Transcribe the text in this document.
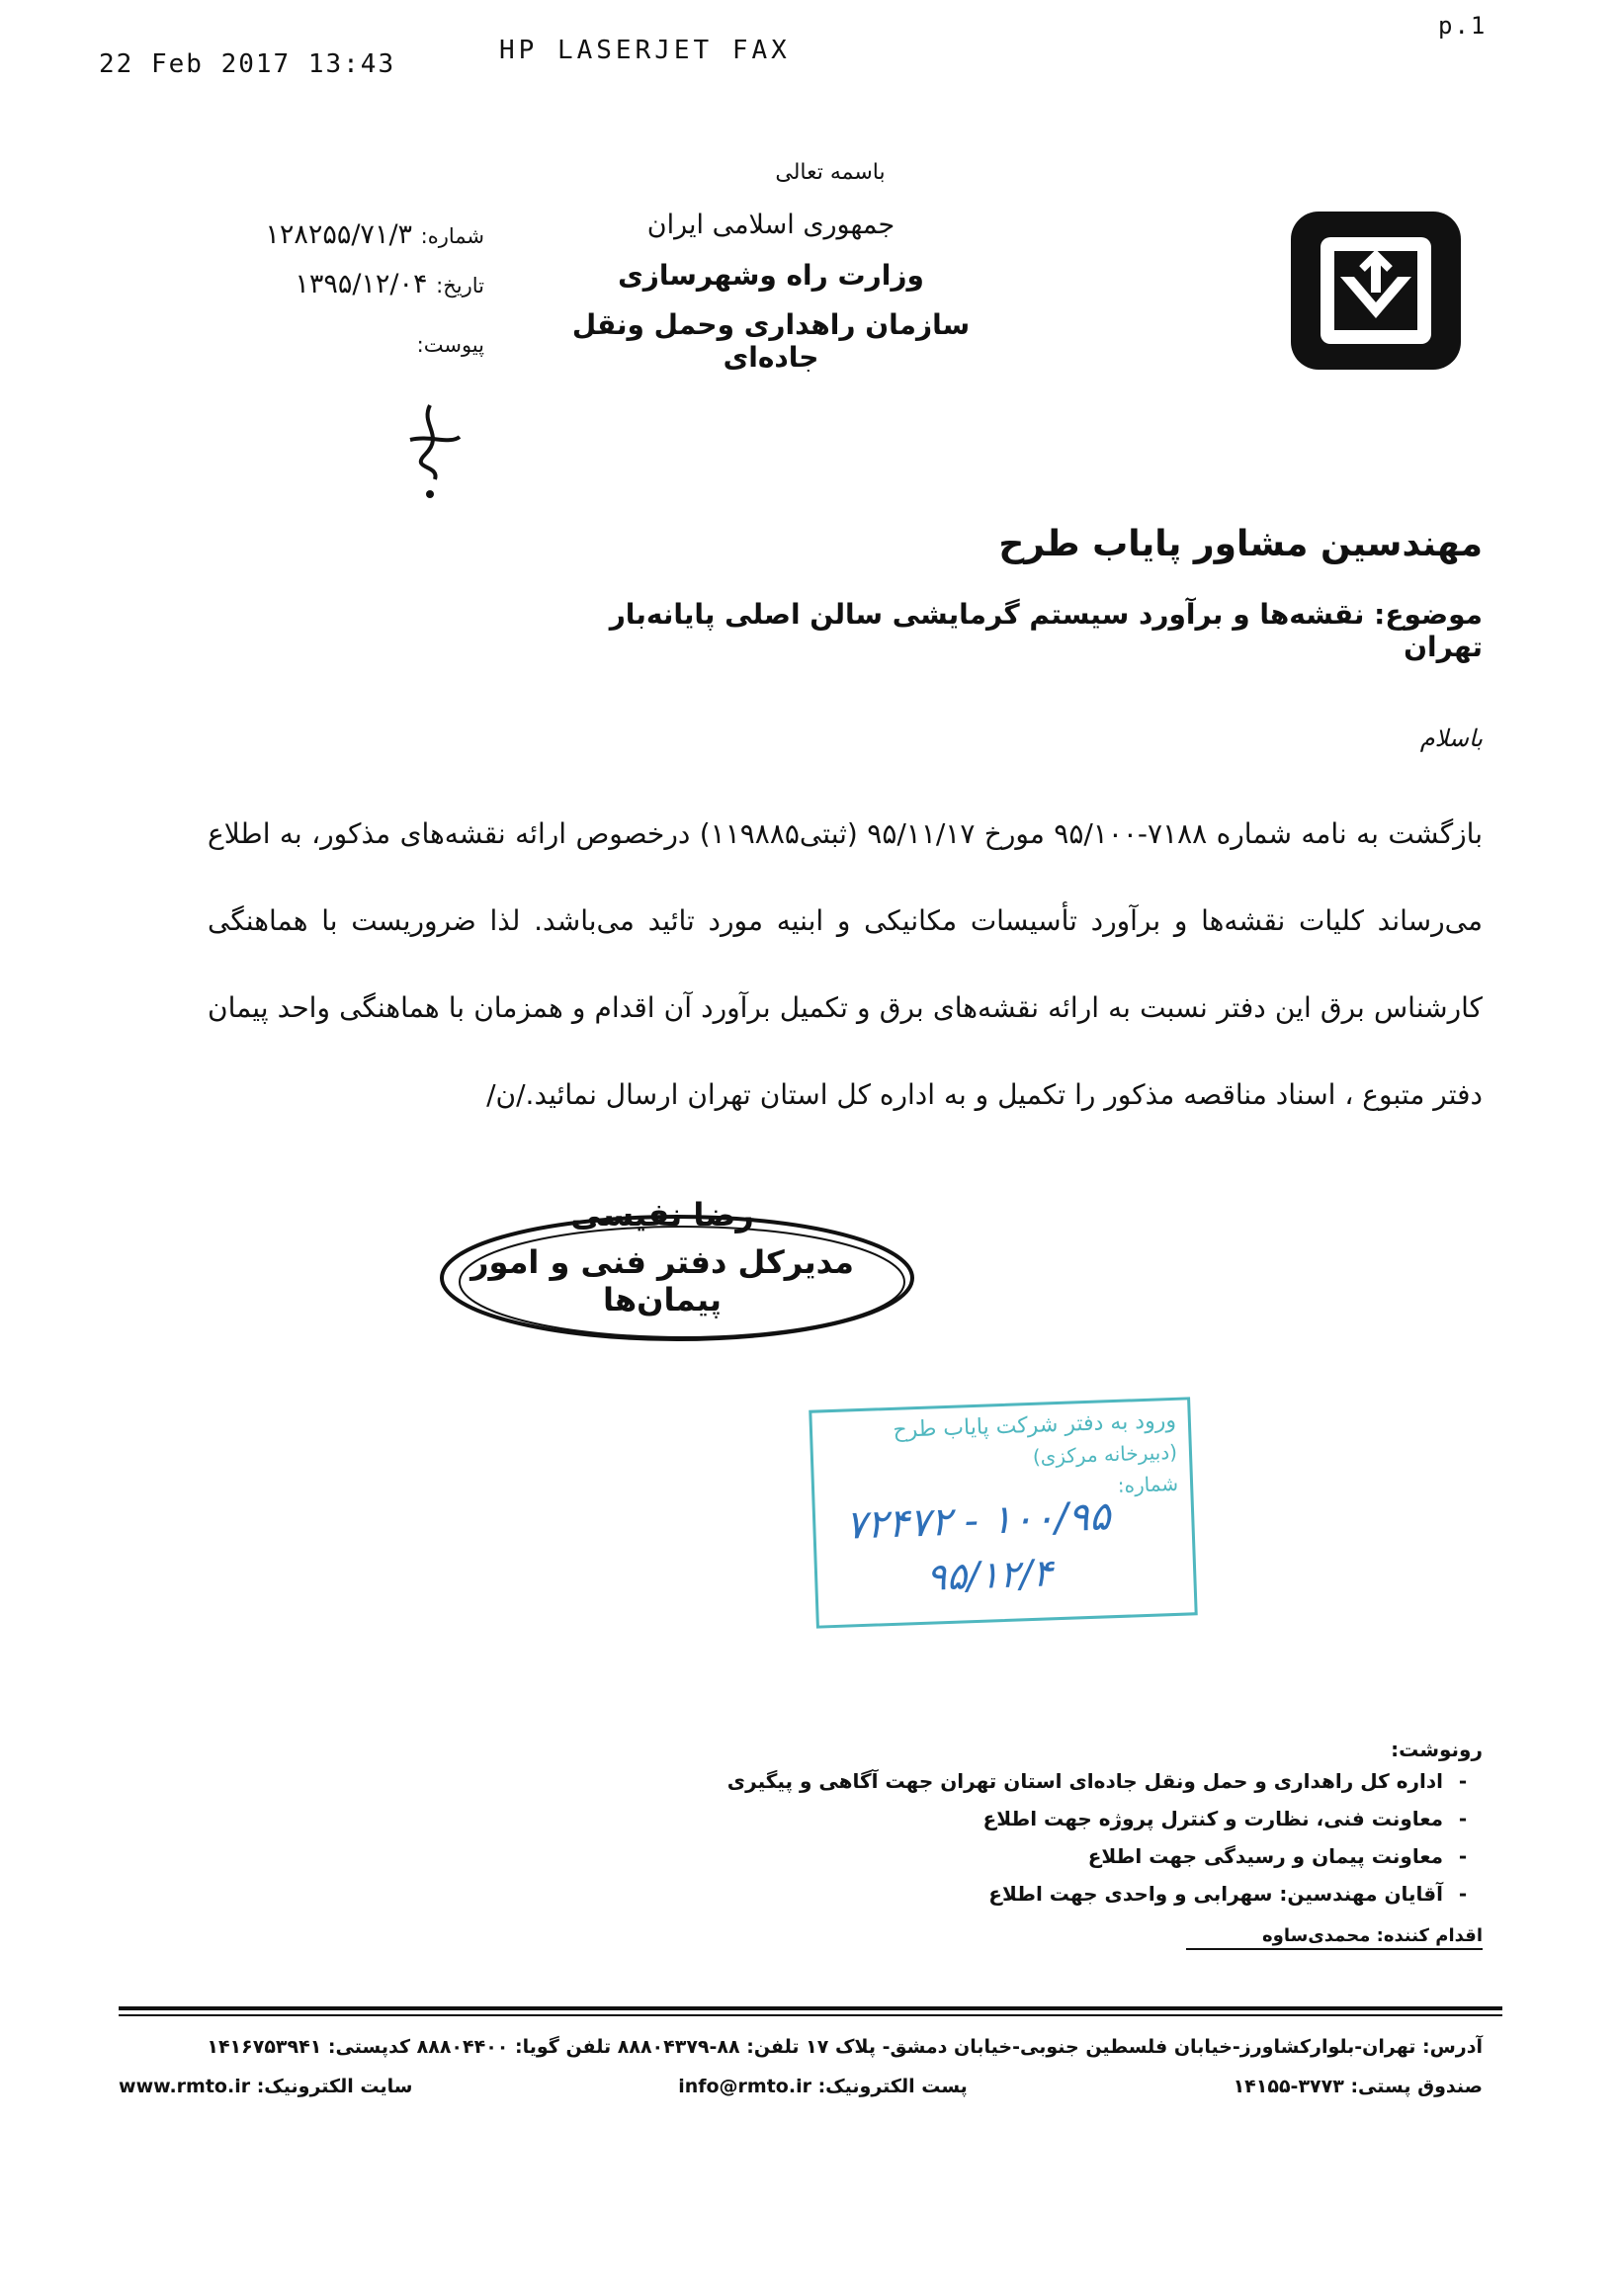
22 Feb 2017 13:43	HP LASERJET FAX
p.1
باسمه تعالی
جمهوری اسلامی ایران
وزارت راه وشهرسازی
سازمان راهداری وحمل ونقل جاده‌ای
شماره: ۱۲۸۲۵۵/۷۱/۳
تاریخ: ۱۳۹۵/۱۲/۰۴
پیوست:
مهندسین مشاور پایاب طرح
موضوع: نقشه‌ها و برآورد سیستم گرمایشی سالن اصلی پایانه‌بار تهران
باسلام
بازگشت به نامه شماره ۷۱۸۸-۹۵/۱۰۰ مورخ ۹۵/۱۱/۱۷ (ثبتی۱۱۹۸۸۵) درخصوص ارائه نقشه‌های مذکور، به اطلاع می‌رساند کلیات نقشه‌ها و برآورد تأسیسات مکانیکی و ابنیه مورد تائید می‌باشد. لذا ضروریست با هماهنگی کارشناس برق این دفتر نسبت به ارائه نقشه‌های برق و تکمیل برآورد آن اقدام و همزمان با هماهنگی واحد پیمان دفتر متبوع ، اسناد مناقصه مذکور را تکمیل و به اداره کل استان تهران ارسال نمائید./ن/
رضا نفیسی
مدیرکل دفتر فنی و امور پیمان‌ها
ورود به دفتر شرکت پایاب طرح
(دبیرخانه مرکزی)
شماره:
۱۰۰/۹۵ - ۷۲۴۷۲
۹۵/۱۲/۴
رونوشت:
-اداره کل راهداری و حمل ونقل جاده‌ای استان تهران جهت آگاهی و پیگیری
-معاونت فنی، نظارت و کنترل پروژه جهت اطلاع
-معاونت پیمان و رسیدگی جهت اطلاع
-آقایان مهندسین: سهرابی و واحدی جهت اطلاع
اقدام کننده: محمدی‌ساوه
آدرس: تهران-بلوارکشاورز-خیابان فلسطین جنوبی-خیابان دمشق- پلاک ۱۷ تلفن: ۸۸-۸۸۸۰۴۳۷۹ تلفن گویا: ۸۸۸۰۴۴۰۰ کدپستی: ۱۴۱۶۷۵۳۹۴۱
صندوق پستی: ۳۷۷۳-۱۴۱۵۵
پست الکترونیک: info@rmto.ir
سایت الکترونیک: www.rmto.ir
